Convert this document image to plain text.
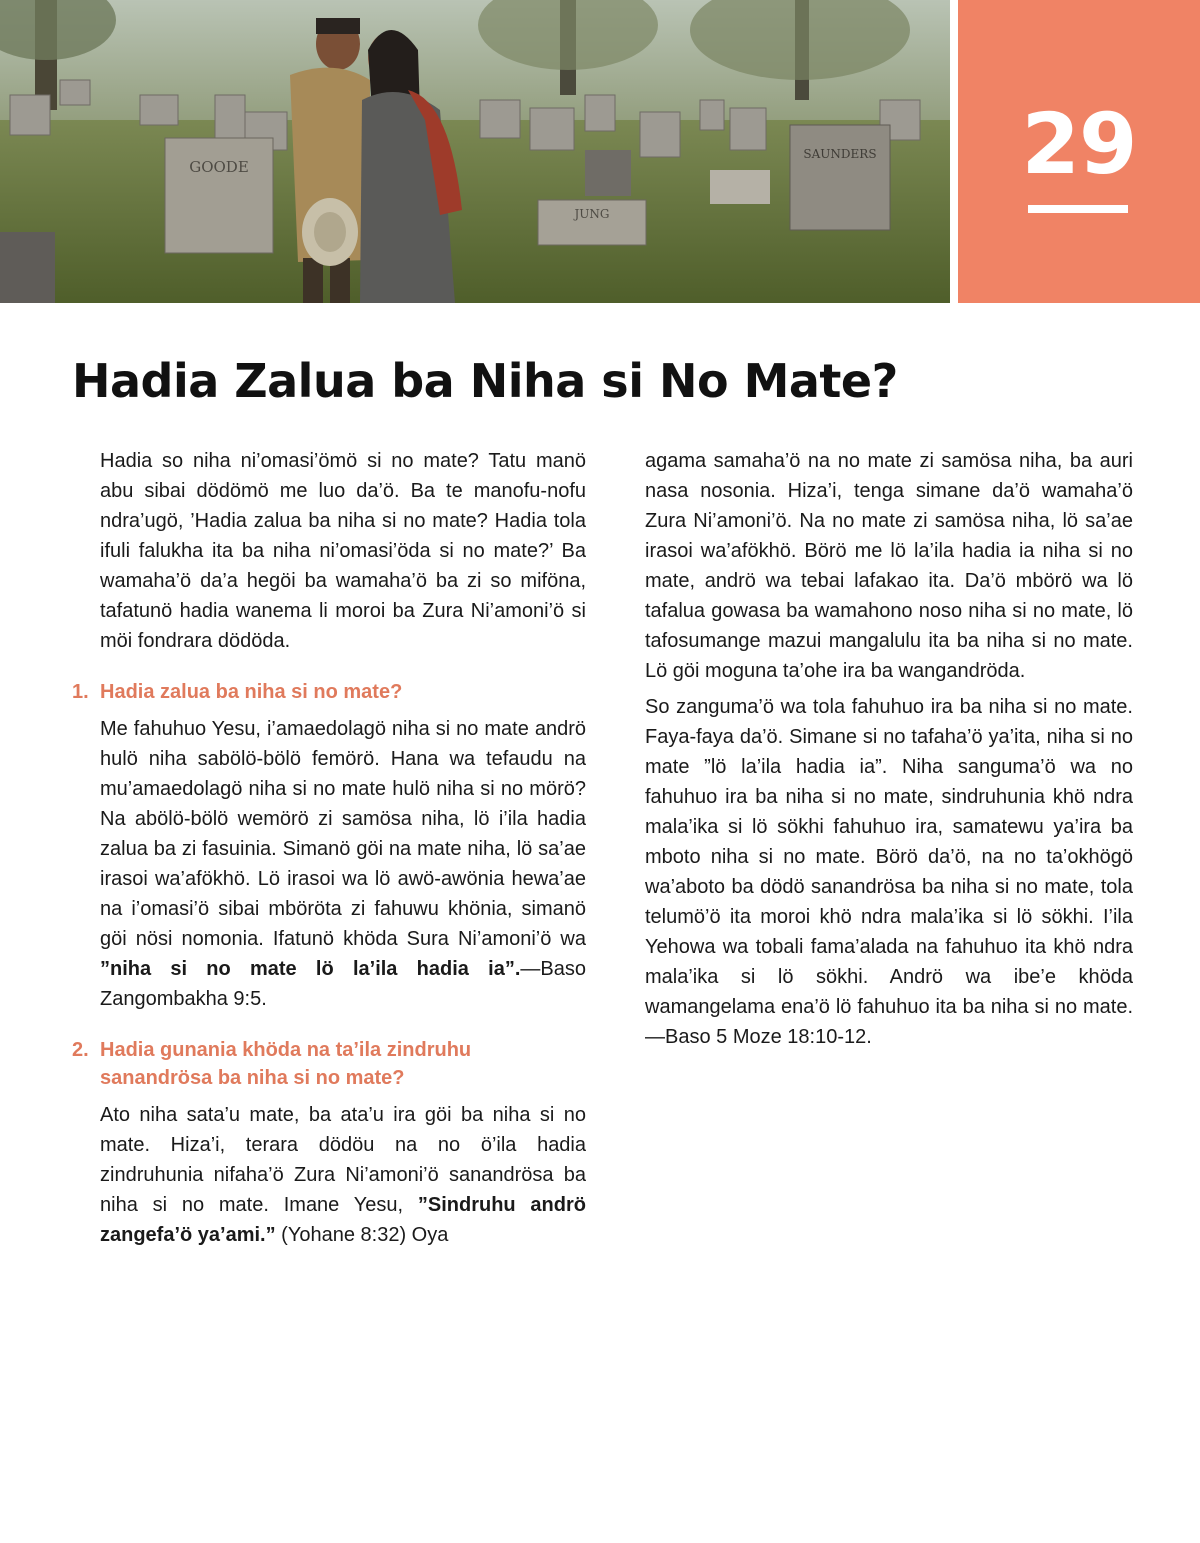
GOODE
SAUNDERS
JUNG
29
Hadia Zalua ba Niha si No Mate?

Hadia so niha ni’omasi’ömö si no mate? Tatu manö abu sibai dödömö me luo da’ö. Ba te manofu-nofu ndra’ugö, ’Hadia zalua ba niha si no mate? Hadia tola ifuli falukha ita ba niha ni’omasi’öda si no mate?’ Ba wamaha’ö da’a hegöi ba wamaha’ö ba zi so miföna, tafatunö hadia wanema li moroi ba Zura Ni’amoni’ö si möi fondrara dödöda.

1. Hadia zalua ba niha si no mate?

Me fahuhuo Yesu, i’amaedolagö niha si no mate andrö hulö niha sabölö-bölö femörö. Hana wa tefaudu na mu’amaedolagö niha si no mate hulö niha si no mörö? Na abölö-bölö wemörö zi samösa niha, lö i’ila hadia zalua ba zi fasuinia. Simanö göi na mate niha, lö sa’ae irasoi wa’afökhö. Lö irasoi wa lö awö-awönia hewa’ae na i’omasi’ö sibai mböröta zi fahuwu khönia, simanö göi nösi nomonia. Ifatunö khöda Sura Ni’amoni’ö wa ”niha si no mate lö la’ila hadia ia”.—Baso Zangombakha 9:5.

2. Hadia gunania khöda na ta’ila zindruhu
sanandrösa ba niha si no mate?

Ato niha sata’u mate, ba ata’u ira göi ba niha si no mate. Hiza’i, terara dödöu na no ö’ila hadia zindruhunia nifaha’ö Zura Ni’amoni’ö sanandrösa ba niha si no mate. Imane Yesu, ”Sindruhu andrö zangefa’ö ya’ami.” (Yohane 8:32) Oya

agama samaha’ö na no mate zi samösa niha, ba auri nasa nosonia. Hiza’i, tenga simane da’ö wamaha’ö Zura Ni’amoni’ö. Na no mate zi samösa niha, lö sa’ae irasoi wa’afökhö. Börö me lö la’ila hadia ia niha si no mate, andrö wa tebai lafakao ita. Da’ö mbörö wa lö tafalua gowasa ba wamahono noso niha si no mate, lö tafosumange mazui mangalulu ita ba niha si no mate. Lö göi moguna ta’ohe ira ba wangandröda.

So zanguma’ö wa tola fahuhuo ira ba niha si no mate. Faya-faya da’ö. Simane si no tafaha’ö ya’ita, niha si no mate ”lö la’ila hadia ia”. Niha sanguma’ö wa no fahuhuo ira ba niha si no mate, sindruhunia khö ndra mala’ika si lö sökhi fahuhuo ira, samatewu ya’ira ba mboto niha si no mate. Börö da’ö, na no ta’okhögö wa’aboto ba dödö sanandrösa ba niha si no mate, tola telumö’ö ita moroi khö ndra mala’ika si lö sökhi. I’ila Yehowa wa tobali fama’alada na fahuhuo ita khö ndra mala’ika si lö sökhi. Andrö wa ibe’e khöda wamangelama ena’ö lö fahuhuo ita ba niha si no mate.—Baso 5 Moze 18:10-12.
